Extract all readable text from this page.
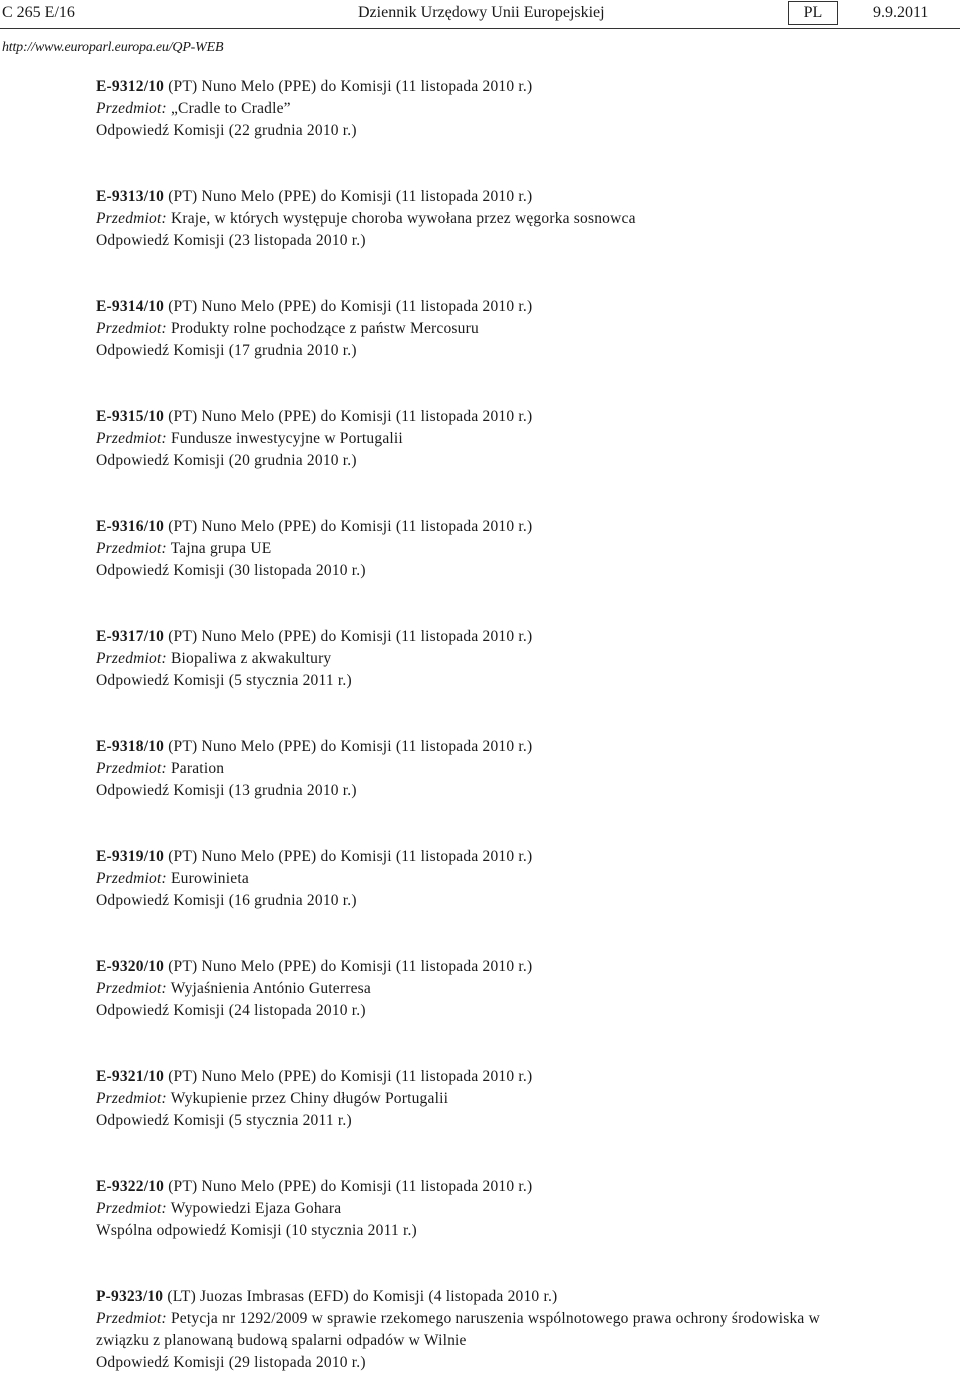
C 265 E/16	Dziennik Urzędowy Unii Europejskiej	PL	9.9.2011
http://www.europarl.europa.eu/QP-WEB
E-9312/10 (PT) Nuno Melo (PPE) do Komisji (11 listopada 2010 r.)
Przedmiot: „Cradle to Cradle”
Odpowiedź Komisji (22 grudnia 2010 r.)
E-9313/10 (PT) Nuno Melo (PPE) do Komisji (11 listopada 2010 r.)
Przedmiot: Kraje, w których występuje choroba wywołana przez węgorka sosnowca
Odpowiedź Komisji (23 listopada 2010 r.)
E-9314/10 (PT) Nuno Melo (PPE) do Komisji (11 listopada 2010 r.)
Przedmiot: Produkty rolne pochodzące z państw Mercosuru
Odpowiedź Komisji (17 grudnia 2010 r.)
E-9315/10 (PT) Nuno Melo (PPE) do Komisji (11 listopada 2010 r.)
Przedmiot: Fundusze inwestycyjne w Portugalii
Odpowiedź Komisji (20 grudnia 2010 r.)
E-9316/10 (PT) Nuno Melo (PPE) do Komisji (11 listopada 2010 r.)
Przedmiot: Tajna grupa UE
Odpowiedź Komisji (30 listopada 2010 r.)
E-9317/10 (PT) Nuno Melo (PPE) do Komisji (11 listopada 2010 r.)
Przedmiot: Biopaliwa z akwakultury
Odpowiedź Komisji (5 stycznia 2011 r.)
E-9318/10 (PT) Nuno Melo (PPE) do Komisji (11 listopada 2010 r.)
Przedmiot: Paration
Odpowiedź Komisji (13 grudnia 2010 r.)
E-9319/10 (PT) Nuno Melo (PPE) do Komisji (11 listopada 2010 r.)
Przedmiot: Eurowinieta
Odpowiedź Komisji (16 grudnia 2010 r.)
E-9320/10 (PT) Nuno Melo (PPE) do Komisji (11 listopada 2010 r.)
Przedmiot: Wyjaśnienia António Guterresa
Odpowiedź Komisji (24 listopada 2010 r.)
E-9321/10 (PT) Nuno Melo (PPE) do Komisji (11 listopada 2010 r.)
Przedmiot: Wykupienie przez Chiny długów Portugalii
Odpowiedź Komisji (5 stycznia 2011 r.)
E-9322/10 (PT) Nuno Melo (PPE) do Komisji (11 listopada 2010 r.)
Przedmiot: Wypowiedzi Ejaza Gohara
Wspólna odpowiedź Komisji (10 stycznia 2011 r.)
P-9323/10 (LT) Juozas Imbrasas (EFD) do Komisji (4 listopada 2010 r.)
Przedmiot: Petycja nr 1292/2009 w sprawie rzekomego naruszenia wspólnotowego prawa ochrony środowiska w związku z planowaną budową spalarni odpadów w Wilnie
Odpowiedź Komisji (29 listopada 2010 r.)
